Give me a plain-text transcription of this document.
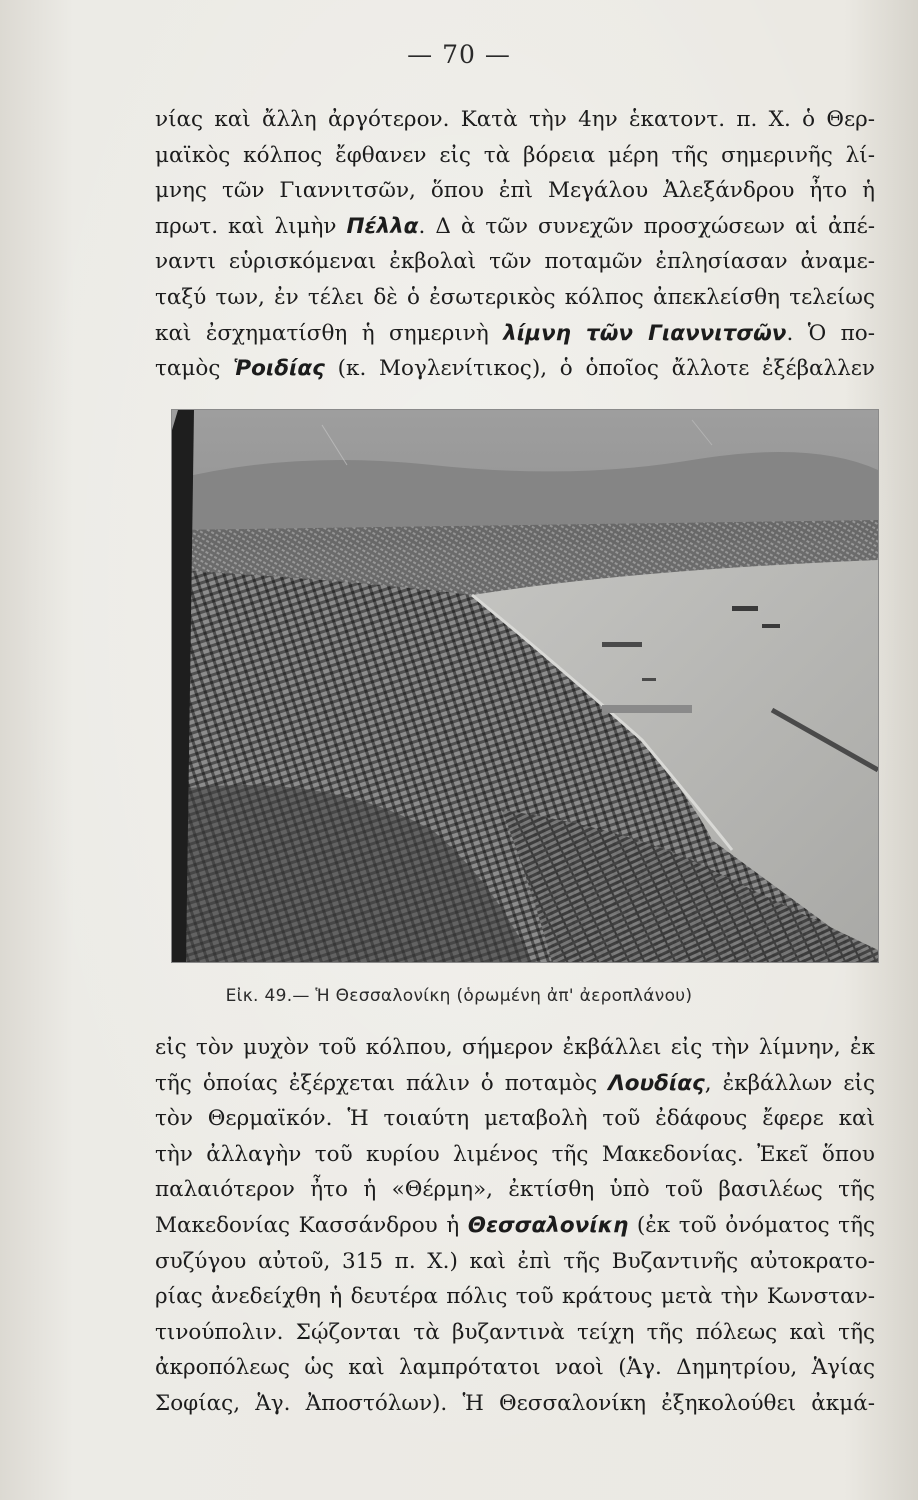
— 70 —
νίας καὶ ἄλλη ἀργότερον. Κατὰ τὴν 4ην ἑκατοντ. π. Χ. ὁ Θερ-
μαϊκὸς κόλπος ἔφθανεν εἰς τὰ βόρεια μέρη τῆς σημερινῆς λί-
μνης τῶν Γιαννιτσῶν, ὅπου ἐπὶ Μεγάλου Ἀλεξάνδρου ἦτο ἡ
πρωτ. καὶ λιμὴν Πέλλα. Δ ὰ τῶν συνεχῶν προσχώσεων αἱ ἀπέ-
ναντι εὑρισκόμεναι ἐκβολαὶ τῶν ποταμῶν ἐπλησίασαν ἀναμε-
ταξύ των, ἐν τέλει δὲ ὁ ἐσωτερικὸς κόλπος ἀπεκλείσθη τελείως
καὶ ἐσχηματίσθη ἡ σημερινὴ λίμνη τῶν Γιαννιτσῶν. Ὁ πο-
ταμὸς Ῥοιδίας (κ. Μογλενίτικος), ὁ ὁποῖος ἄλλοτε ἐξέβαλλεν
Εἰκ. 49.— Ἡ Θεσσαλονίκη (ὁρωμένη ἀπ' ἀεροπλάνου)
εἰς τὸν μυχὸν τοῦ κόλπου, σήμερον ἐκβάλλει εἰς τὴν λίμνην, ἐκ
τῆς ὁποίας ἐξέρχεται πάλιν ὁ ποταμὸς Λουδίας, ἐκβάλλων εἰς
τὸν Θερμαϊκόν. Ἡ τοιαύτη μεταβολὴ τοῦ ἐδάφους ἔφερε καὶ
τὴν ἀλλαγὴν τοῦ κυρίου λιμένος τῆς Μακεδονίας. Ἐκεῖ ὅπου
παλαιότερον ἦτο ἡ «Θέρμη», ἐκτίσθη ὑπὸ τοῦ βασιλέως τῆς
Μακεδονίας Κασσάνδρου ἡ Θεσσαλονίκη (ἐκ τοῦ ὀνόματος τῆς
συζύγου αὐτοῦ, 315 π. Χ.) καὶ ἐπὶ τῆς Βυζαντινῆς αὐτοκρατο-
ρίας ἀνεδείχθη ἡ δευτέρα πόλις τοῦ κράτους μετὰ τὴν Κωνσταν-
τινούπολιν. Σῴζονται τὰ βυζαντινὰ τείχη τῆς πόλεως καὶ τῆς
ἀκροπόλεως ὡς καὶ λαμπρότατοι ναοὶ (Ἁγ. Δημητρίου, Ἁγίας
Σοφίας, Ἁγ. Ἀποστόλων). Ἡ Θεσσαλονίκη ἐξηκολούθει ἀκμά-
